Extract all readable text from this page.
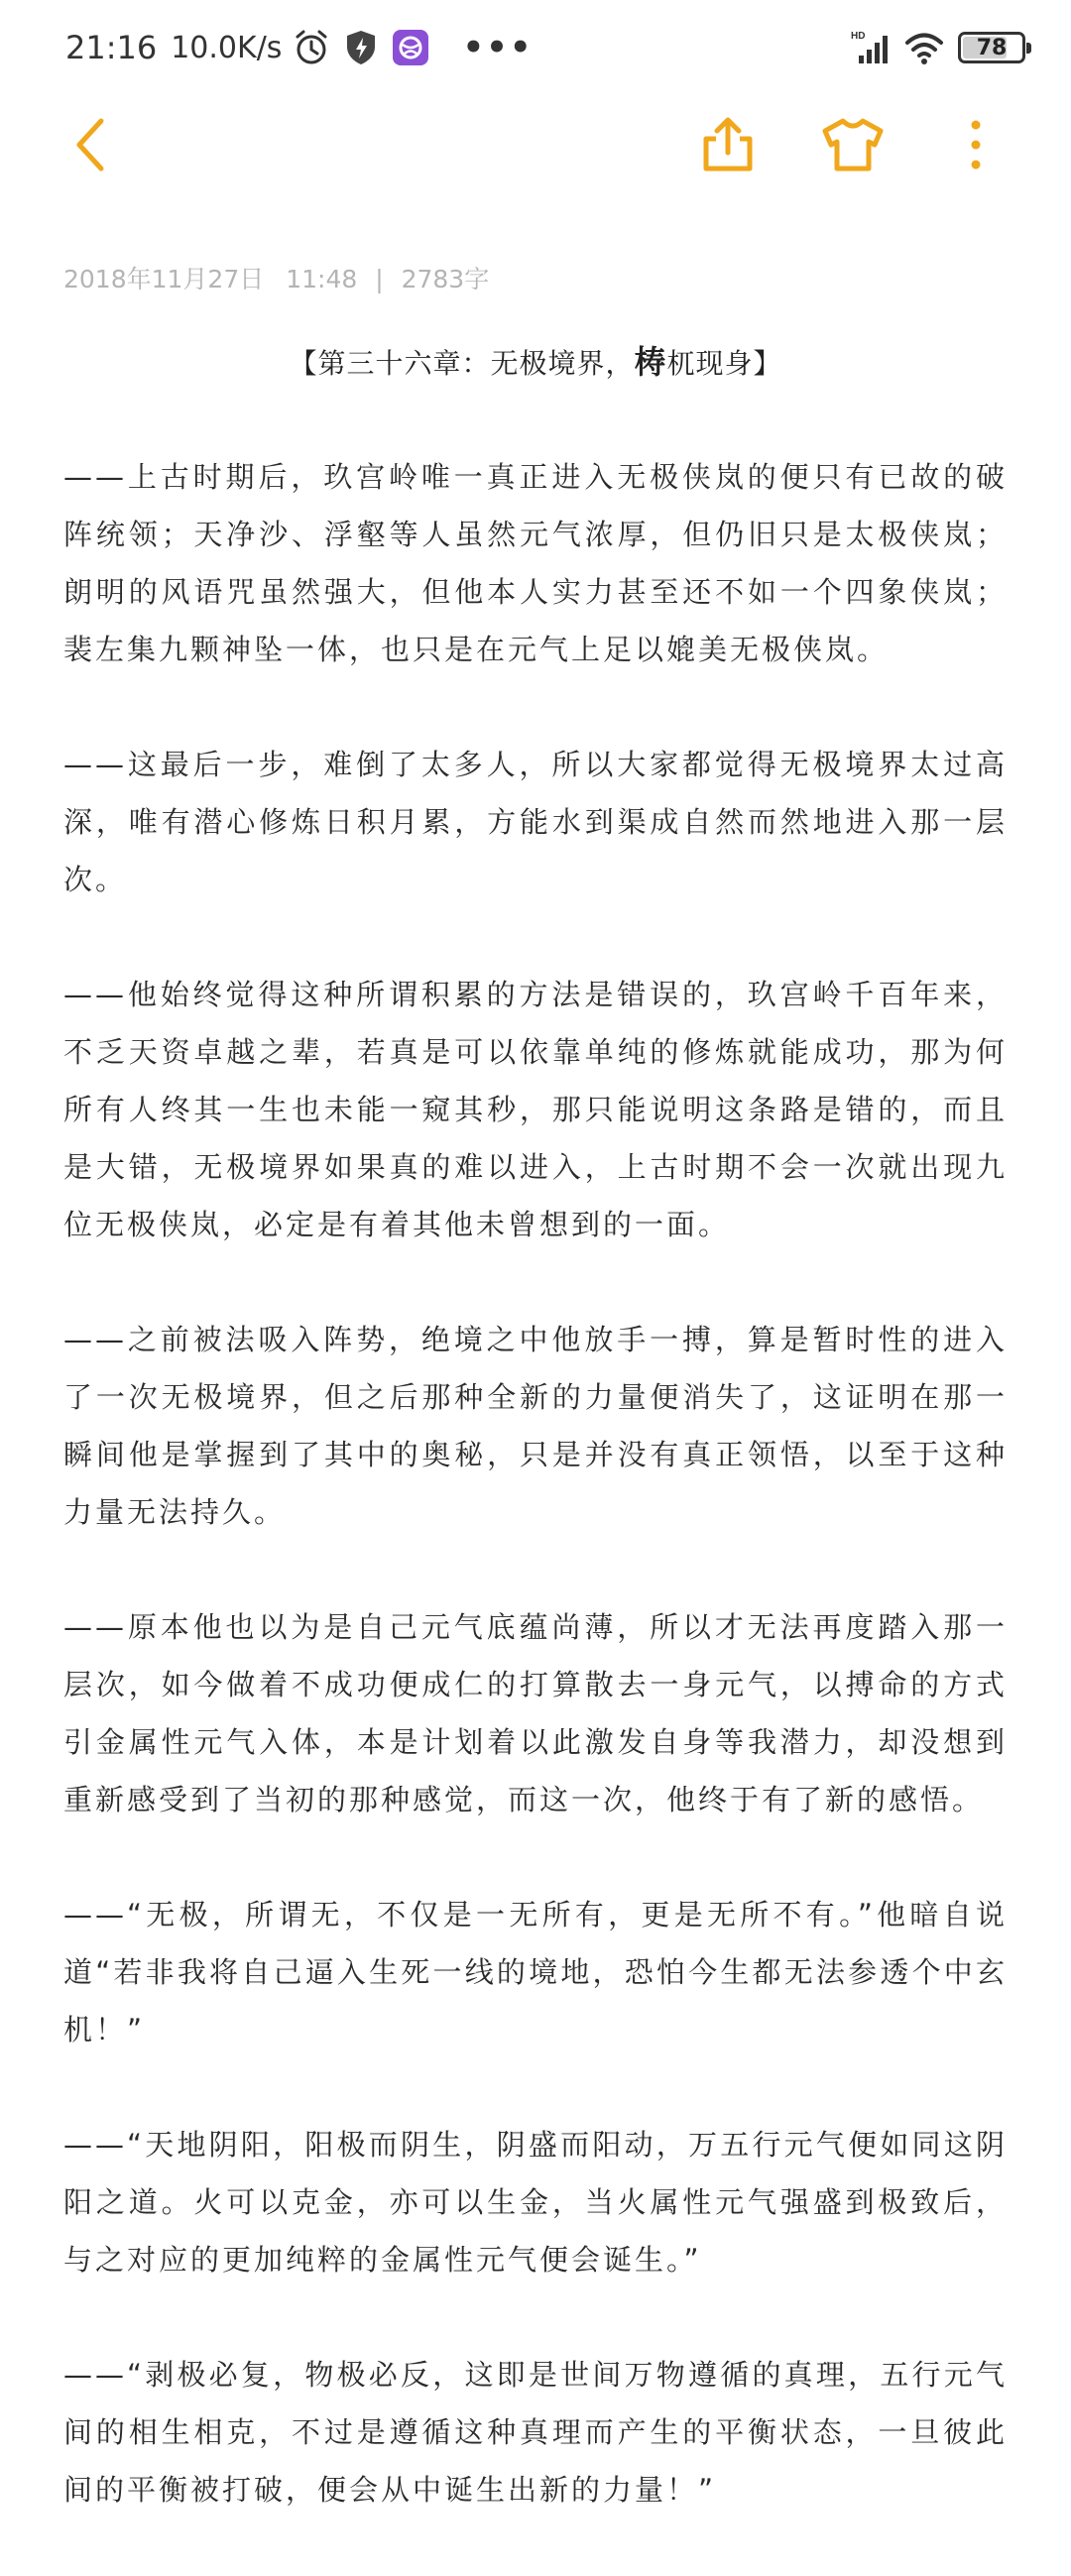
21:16 10.0K/s	•••	HD	78
2018年11月27日 11:48 | 2783字
【第三十六章：无极境界，梼杌现身】

——上古时期后，玖宫岭唯一真正进入无极侠岚的便只有已故的破阵统领；天净沙、浮壑等人虽然元气浓厚，但仍旧只是太极侠岚；朗明的风语咒虽然强大，但他本人实力甚至还不如一个四象侠岚；裴左集九颗神坠一体，也只是在元气上足以媲美无极侠岚。

——这最后一步，难倒了太多人，所以大家都觉得无极境界太过高深，唯有潜心修炼日积月累，方能水到渠成自然而然地进入那一层次。

——他始终觉得这种所谓积累的方法是错误的，玖宫岭千百年来，不乏天资卓越之辈，若真是可以依靠单纯的修炼就能成功，那为何所有人终其一生也未能一窥其秒，那只能说明这条路是错的，而且是大错，无极境界如果真的难以进入，上古时期不会一次就出现九位无极侠岚，必定是有着其他未曾想到的一面。

——之前被法吸入阵势，绝境之中他放手一搏，算是暂时性的进入了一次无极境界，但之后那种全新的力量便消失了，这证明在那一瞬间他是掌握到了其中的奥秘，只是并没有真正领悟，以至于这种力量无法持久。

——原本他也以为是自己元气底蕴尚薄，所以才无法再度踏入那一层次，如今做着不成功便成仁的打算散去一身元气，以搏命的方式引金属性元气入体，本是计划着以此激发自身等我潜力，却没想到重新感受到了当初的那种感觉，而这一次，他终于有了新的感悟。

——“无极，所谓无，不仅是一无所有，更是无所不有。”他暗自说道“若非我将自己逼入生死一线的境地，恐怕今生都无法参透个中玄机！”

——“天地阴阳，阳极而阴生，阴盛而阳动，万五行元气便如同这阴阳之道。火可以克金，亦可以生金，当火属性元气强盛到极致后，与之对应的更加纯粹的金属性元气便会诞生。”

——“剥极必复，物极必反，这即是世间万物遵循的真理，五行元气间的相生相克，不过是遵循这种真理而产生的平衡状态，一旦彼此间的平衡被打破，便会从中诞生出新的力量！”
